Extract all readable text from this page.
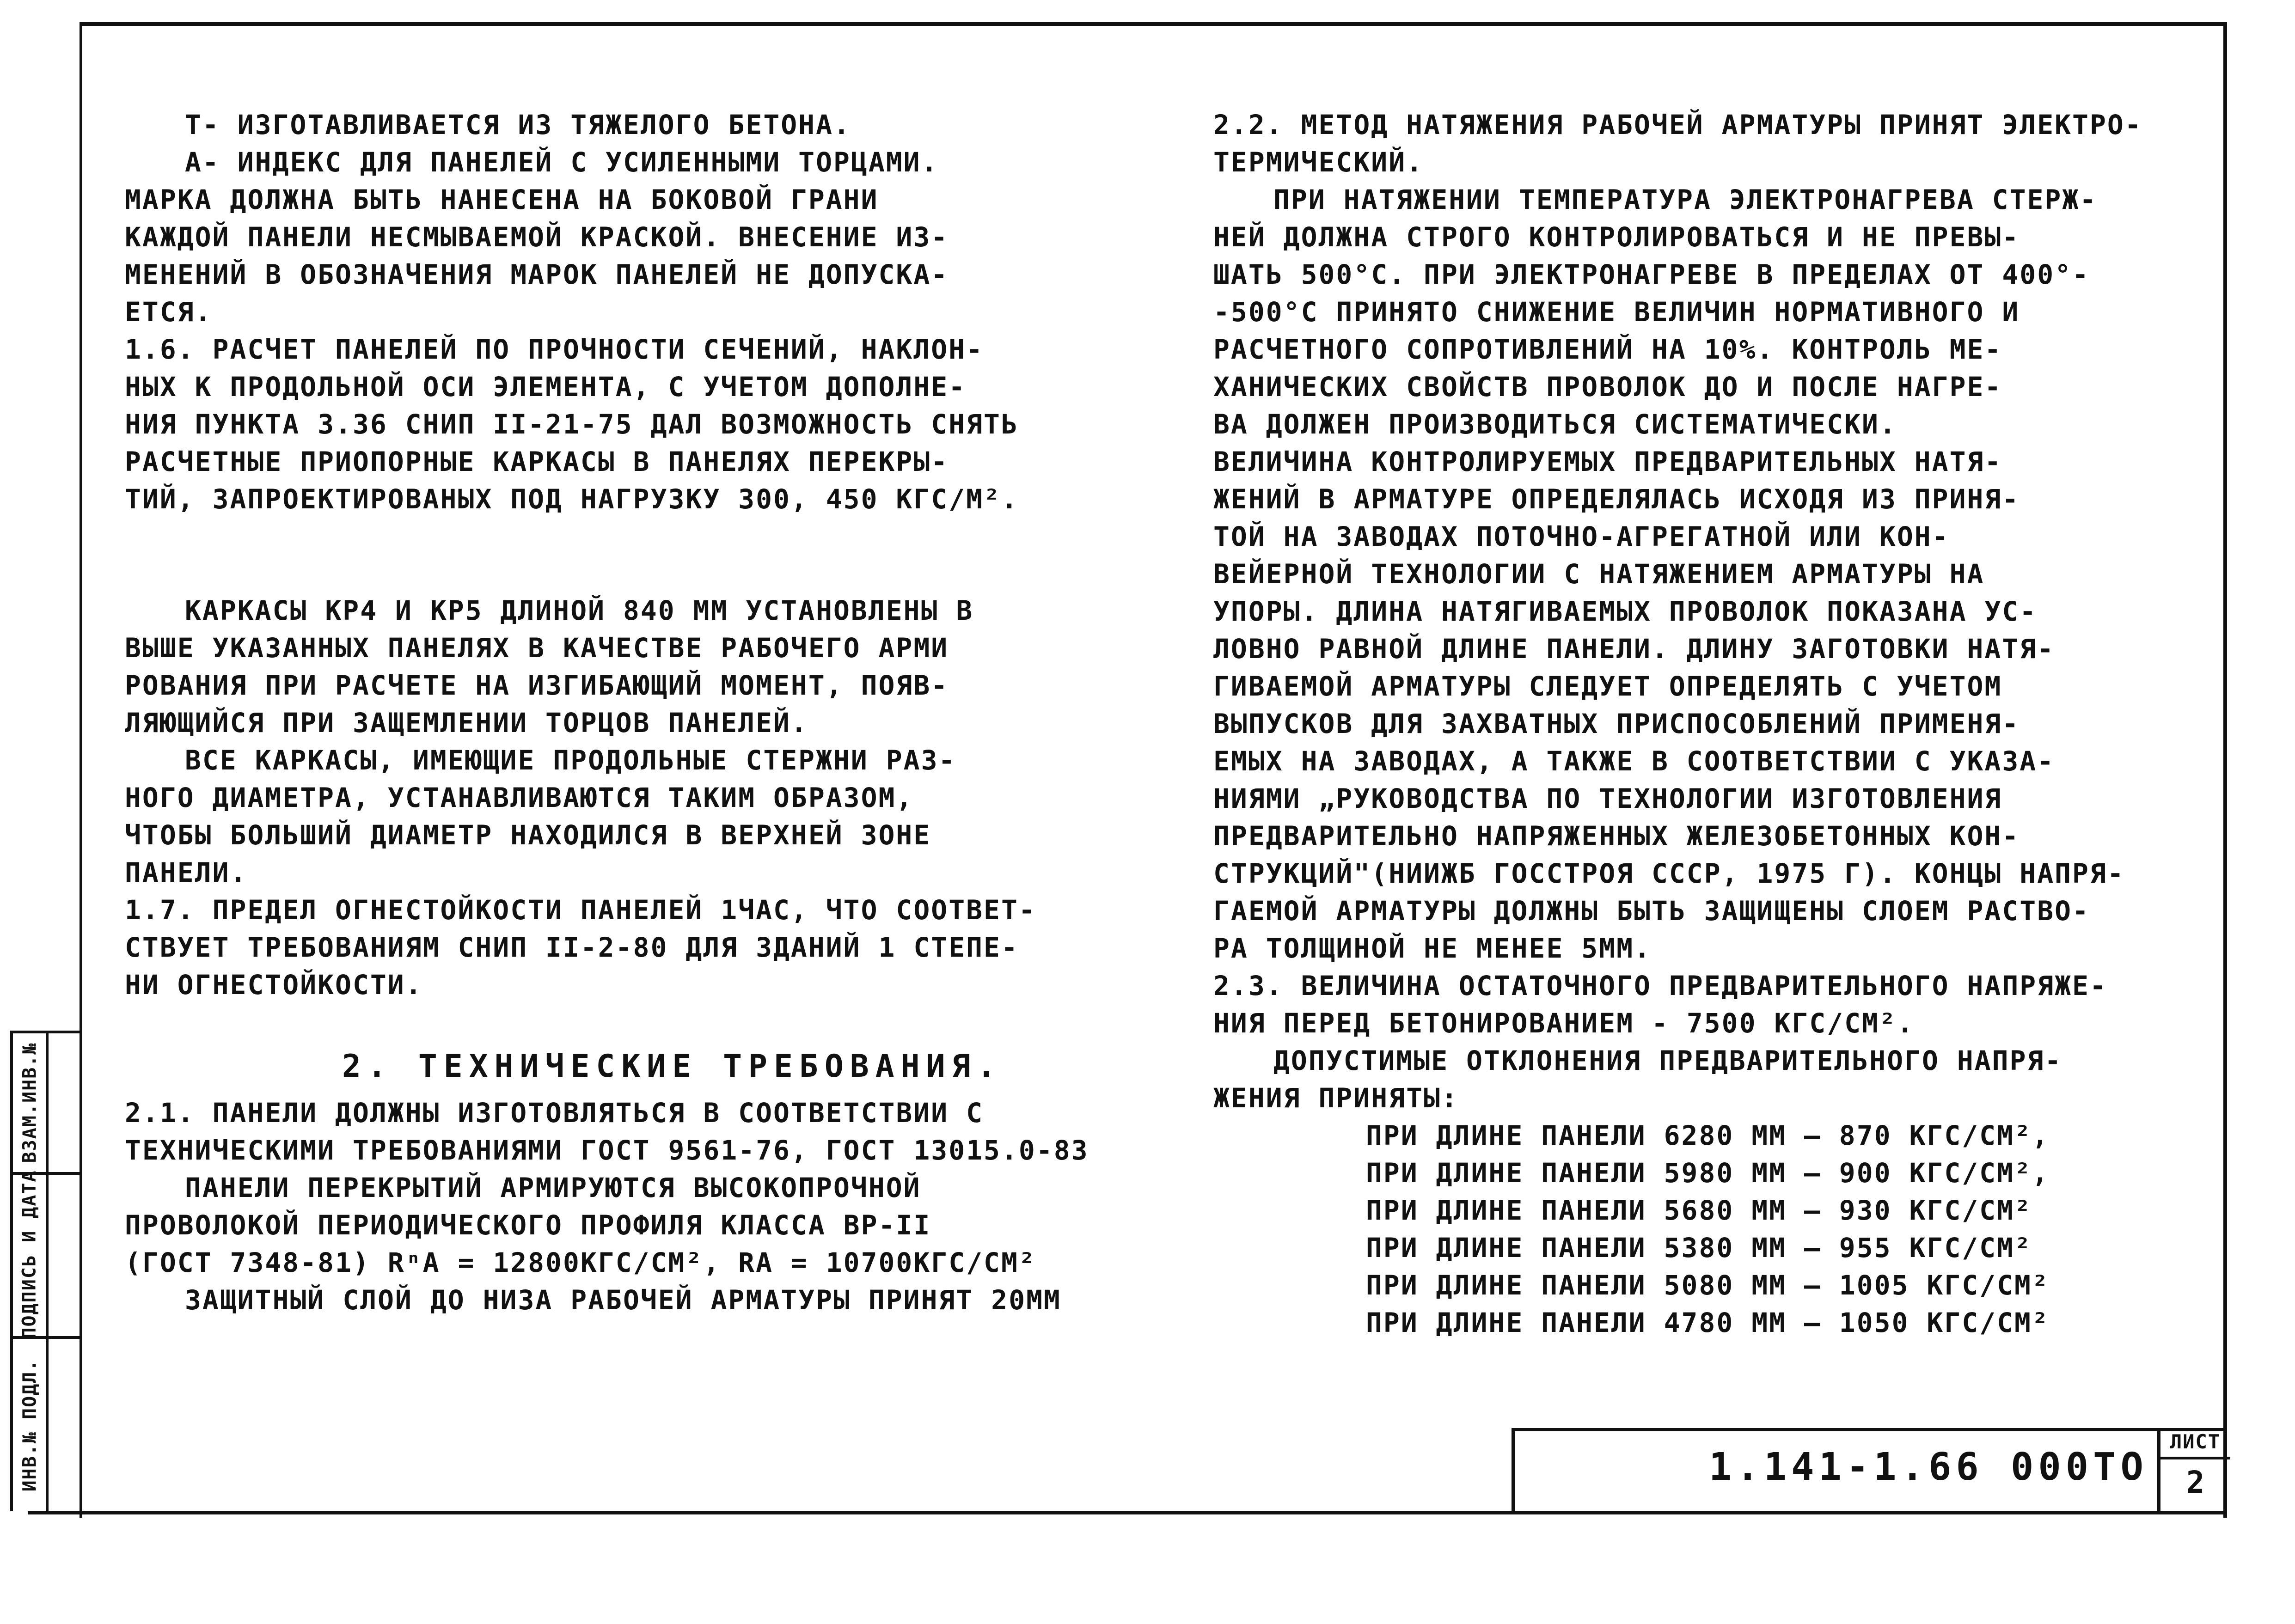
Т- ИЗГОТАВЛИВАЕТСЯ ИЗ ТЯЖЕЛОГО БЕТОНА.
А- ИНДЕКС ДЛЯ ПАНЕЛЕЙ С УСИЛЕННЫМИ ТОРЦАМИ.
МАРКА ДОЛЖНА БЫТЬ НАНЕСЕНА НА БОКОВОЙ ГРАНИ
КАЖДОЙ ПАНЕЛИ НЕСМЫВАЕМОЙ КРАСКОЙ. ВНЕСЕНИЕ ИЗ-
МЕНЕНИЙ В ОБОЗНАЧЕНИЯ МАРОК ПАНЕЛЕЙ НЕ ДОПУСКА-
ЕТСЯ.
1.6. РАСЧЕТ ПАНЕЛЕЙ ПО ПРОЧНОСТИ СЕЧЕНИЙ, НАКЛОН-
НЫХ К ПРОДОЛЬНОЙ ОСИ ЭЛЕМЕНТА, С УЧЕТОМ ДОПОЛНЕ-
НИЯ ПУНКТА 3.36 СНИП II-21-75 ДАЛ ВОЗМОЖНОСТЬ СНЯТЬ
РАСЧЕТНЫЕ ПРИОПОРНЫЕ КАРКАСЫ В ПАНЕЛЯХ ПЕРЕКРЫ-
ТИЙ, ЗАПРОЕКТИРОВАНЫХ ПОД НАГРУЗКУ 300, 450 КГС/М².
КАРКАСЫ КР4 И КР5 ДЛИНОЙ 840 ММ УСТАНОВЛЕНЫ В
ВЫШЕ УКАЗАННЫХ ПАНЕЛЯХ В КАЧЕСТВЕ РАБОЧЕГО АРМИ
РОВАНИЯ ПРИ РАСЧЕТЕ НА ИЗГИБАЮЩИЙ МОМЕНТ, ПОЯВ-
ЛЯЮЩИЙСЯ ПРИ ЗАЩЕМЛЕНИИ ТОРЦОВ ПАНЕЛЕЙ.
ВСЕ КАРКАСЫ, ИМЕЮЩИЕ ПРОДОЛЬНЫЕ СТЕРЖНИ РАЗ-
НОГО ДИАМЕТРА, УСТАНАВЛИВАЮТСЯ ТАКИМ ОБРАЗОМ,
ЧТОБЫ БОЛЬШИЙ ДИАМЕТР НАХОДИЛСЯ В ВЕРХНЕЙ ЗОНЕ
ПАНЕЛИ.
1.7. ПРЕДЕЛ ОГНЕСТОЙКОСТИ ПАНЕЛЕЙ 1ЧАС, ЧТО СООТВЕТ-
СТВУЕТ ТРЕБОВАНИЯМ СНИП II-2-80 ДЛЯ ЗДАНИЙ 1 СТЕПЕ-
НИ ОГНЕСТОЙКОСТИ.
2. ТЕХНИЧЕСКИЕ ТРЕБОВАНИЯ.
2.1. ПАНЕЛИ ДОЛЖНЫ ИЗГОТОВЛЯТЬСЯ В СООТВЕТСТВИИ С
ТЕХНИЧЕСКИМИ ТРЕБОВАНИЯМИ ГОСТ 9561-76, ГОСТ 13015.0-83
ПАНЕЛИ ПЕРЕКРЫТИЙ АРМИРУЮТСЯ ВЫСОКОПРОЧНОЙ
ПРОВОЛОКОЙ ПЕРИОДИЧЕСКОГО ПРОФИЛЯ КЛАССА ВР-II
(ГОСТ 7348-81) RⁿA = 12800КГС/СМ², RA = 10700КГС/СМ²
ЗАЩИТНЫЙ СЛОЙ ДО НИЗА РАБОЧЕЙ АРМАТУРЫ ПРИНЯТ 20ММ
2.2. МЕТОД НАТЯЖЕНИЯ РАБОЧЕЙ АРМАТУРЫ ПРИНЯТ ЭЛЕКТРО-
ТЕРМИЧЕСКИЙ.
ПРИ НАТЯЖЕНИИ ТЕМПЕРАТУРА ЭЛЕКТРОНАГРЕВА СТЕРЖ-
НЕЙ ДОЛЖНА СТРОГО КОНТРОЛИРОВАТЬСЯ И НЕ ПРЕВЫ-
ШАТЬ 500°С. ПРИ ЭЛЕКТРОНАГРЕВЕ В ПРЕДЕЛАХ ОТ 400°-
-500°С ПРИНЯТО СНИЖЕНИЕ ВЕЛИЧИН НОРМАТИВНОГО И
РАСЧЕТНОГО СОПРОТИВЛЕНИЙ НА 10%. КОНТРОЛЬ МЕ-
ХАНИЧЕСКИХ СВОЙСТВ ПРОВОЛОК ДО И ПОСЛЕ НАГРЕ-
ВА ДОЛЖЕН ПРОИЗВОДИТЬСЯ СИСТЕМАТИЧЕСКИ.
ВЕЛИЧИНА КОНТРОЛИРУЕМЫХ ПРЕДВАРИТЕЛЬНЫХ НАТЯ-
ЖЕНИЙ В АРМАТУРЕ ОПРЕДЕЛЯЛАСЬ ИСХОДЯ ИЗ ПРИНЯ-
ТОЙ НА ЗАВОДАХ ПОТОЧНО-АГРЕГАТНОЙ ИЛИ КОН-
ВЕЙЕРНОЙ ТЕХНОЛОГИИ С НАТЯЖЕНИЕМ АРМАТУРЫ НА
УПОРЫ. ДЛИНА НАТЯГИВАЕМЫХ ПРОВОЛОК ПОКАЗАНА УС-
ЛОВНО РАВНОЙ ДЛИНЕ ПАНЕЛИ. ДЛИНУ ЗАГОТОВКИ НАТЯ-
ГИВАЕМОЙ АРМАТУРЫ СЛЕДУЕТ ОПРЕДЕЛЯТЬ С УЧЕТОМ
ВЫПУСКОВ ДЛЯ ЗАХВАТНЫХ ПРИСПОСОБЛЕНИЙ ПРИМЕНЯ-
ЕМЫХ НА ЗАВОДАХ, А ТАКЖЕ В СООТВЕТСТВИИ С УКАЗА-
НИЯМИ „РУКОВОДСТВА ПО ТЕХНОЛОГИИ ИЗГОТОВЛЕНИЯ
ПРЕДВАРИТЕЛЬНО НАПРЯЖЕННЫХ ЖЕЛЕЗОБЕТОННЫХ КОН-
СТРУКЦИЙ"(НИИЖБ ГОССТРОЯ СССР, 1975 Г). КОНЦЫ НАПРЯ-
ГАЕМОЙ АРМАТУРЫ ДОЛЖНЫ БЫТЬ ЗАЩИЩЕНЫ СЛОЕМ РАСТВО-
РА ТОЛЩИНОЙ НЕ МЕНЕЕ 5ММ.
2.3. ВЕЛИЧИНА ОСТАТОЧНОГО ПРЕДВАРИТЕЛЬНОГО НАПРЯЖЕ-
НИЯ ПЕРЕД БЕТОНИРОВАНИЕМ - 7500 КГС/СМ².
ДОПУСТИМЫЕ ОТКЛОНЕНИЯ ПРЕДВАРИТЕЛЬНОГО НАПРЯ-
ЖЕНИЯ ПРИНЯТЫ:
ПРИ ДЛИНЕ ПАНЕЛИ 6280 ММ — 870 КГС/СМ²,
ПРИ ДЛИНЕ ПАНЕЛИ 5980 ММ — 900 КГС/СМ²,
ПРИ ДЛИНЕ ПАНЕЛИ 5680 ММ — 930 КГС/СМ²
ПРИ ДЛИНЕ ПАНЕЛИ 5380 ММ — 955 КГС/СМ²
ПРИ ДЛИНЕ ПАНЕЛИ 5080 ММ — 1005 КГС/СМ²
ПРИ ДЛИНЕ ПАНЕЛИ 4780 ММ — 1050 КГС/СМ²
1.141-1.66 000ТО
ЛИСТ
2
ИНВ.№ ПОДЛ.
ПОДПИСЬ И ДАТА
ВЗАМ.ИНВ.№
